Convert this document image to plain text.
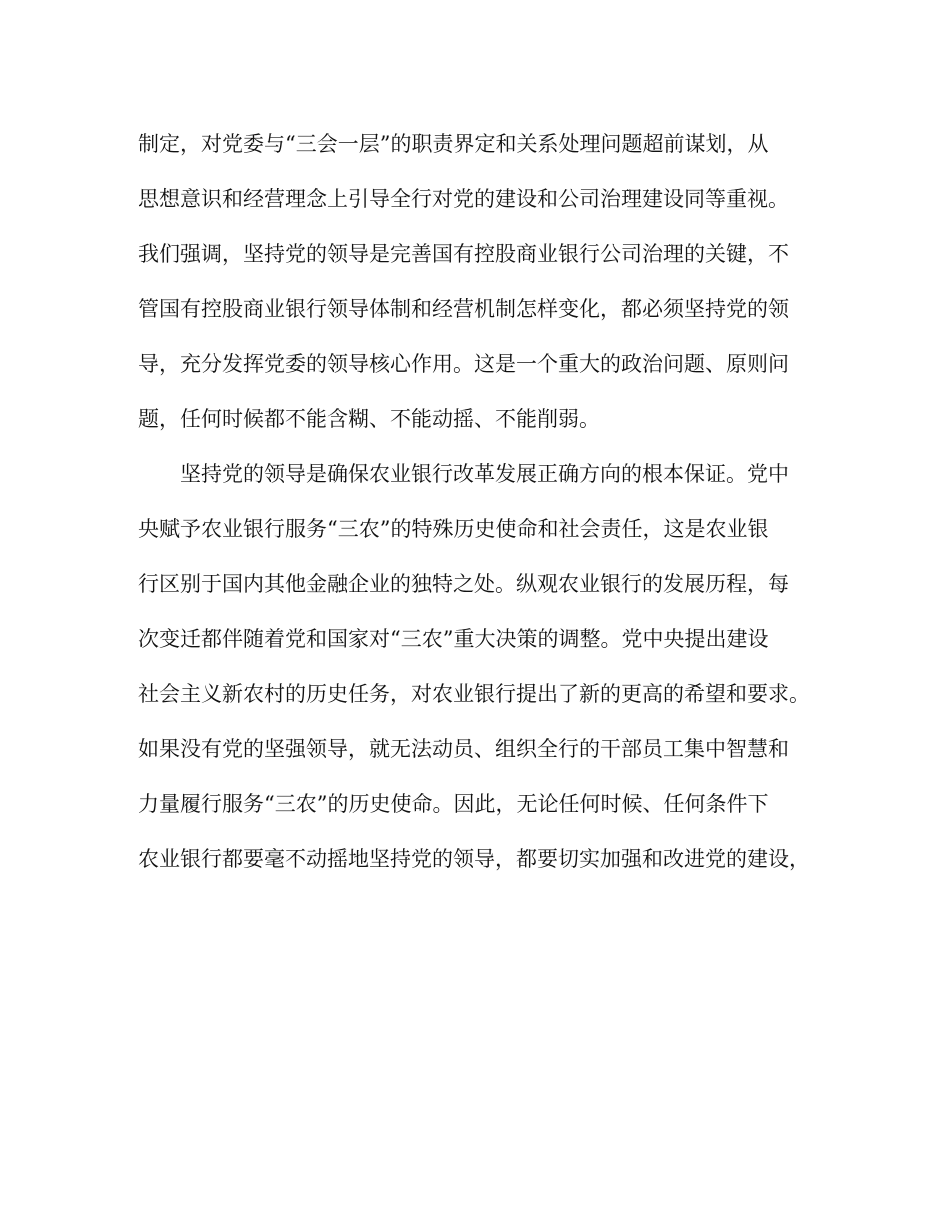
制定，对党委与“三会一层”的职责界定和关系处理问题超前谋划，从
思想意识和经营理念上引导全行对党的建设和公司治理建设同等重视。
我们强调，坚持党的领导是完善国有控股商业银行公司治理的关键，不
管国有控股商业银行领导体制和经营机制怎样变化，都必须坚持党的领
导，充分发挥党委的领导核心作用。这是一个重大的政治问题、原则问
题，任何时候都不能含糊、不能动摇、不能削弱。
　　坚持党的领导是确保农业银行改革发展正确方向的根本保证。党中
央赋予农业银行服务“三农”的特殊历史使命和社会责任，这是农业银
行区别于国内其他金融企业的独特之处。纵观农业银行的发展历程，每
次变迁都伴随着党和国家对“三农”重大决策的调整。党中央提出建设
社会主义新农村的历史任务，对农业银行提出了新的更高的希望和要求。
如果没有党的坚强领导，就无法动员、组织全行的干部员工集中智慧和
力量履行服务“三农”的历史使命。因此，无论任何时候、任何条件下
农业银行都要毫不动摇地坚持党的领导，都要切实加强和改进党的建设，
